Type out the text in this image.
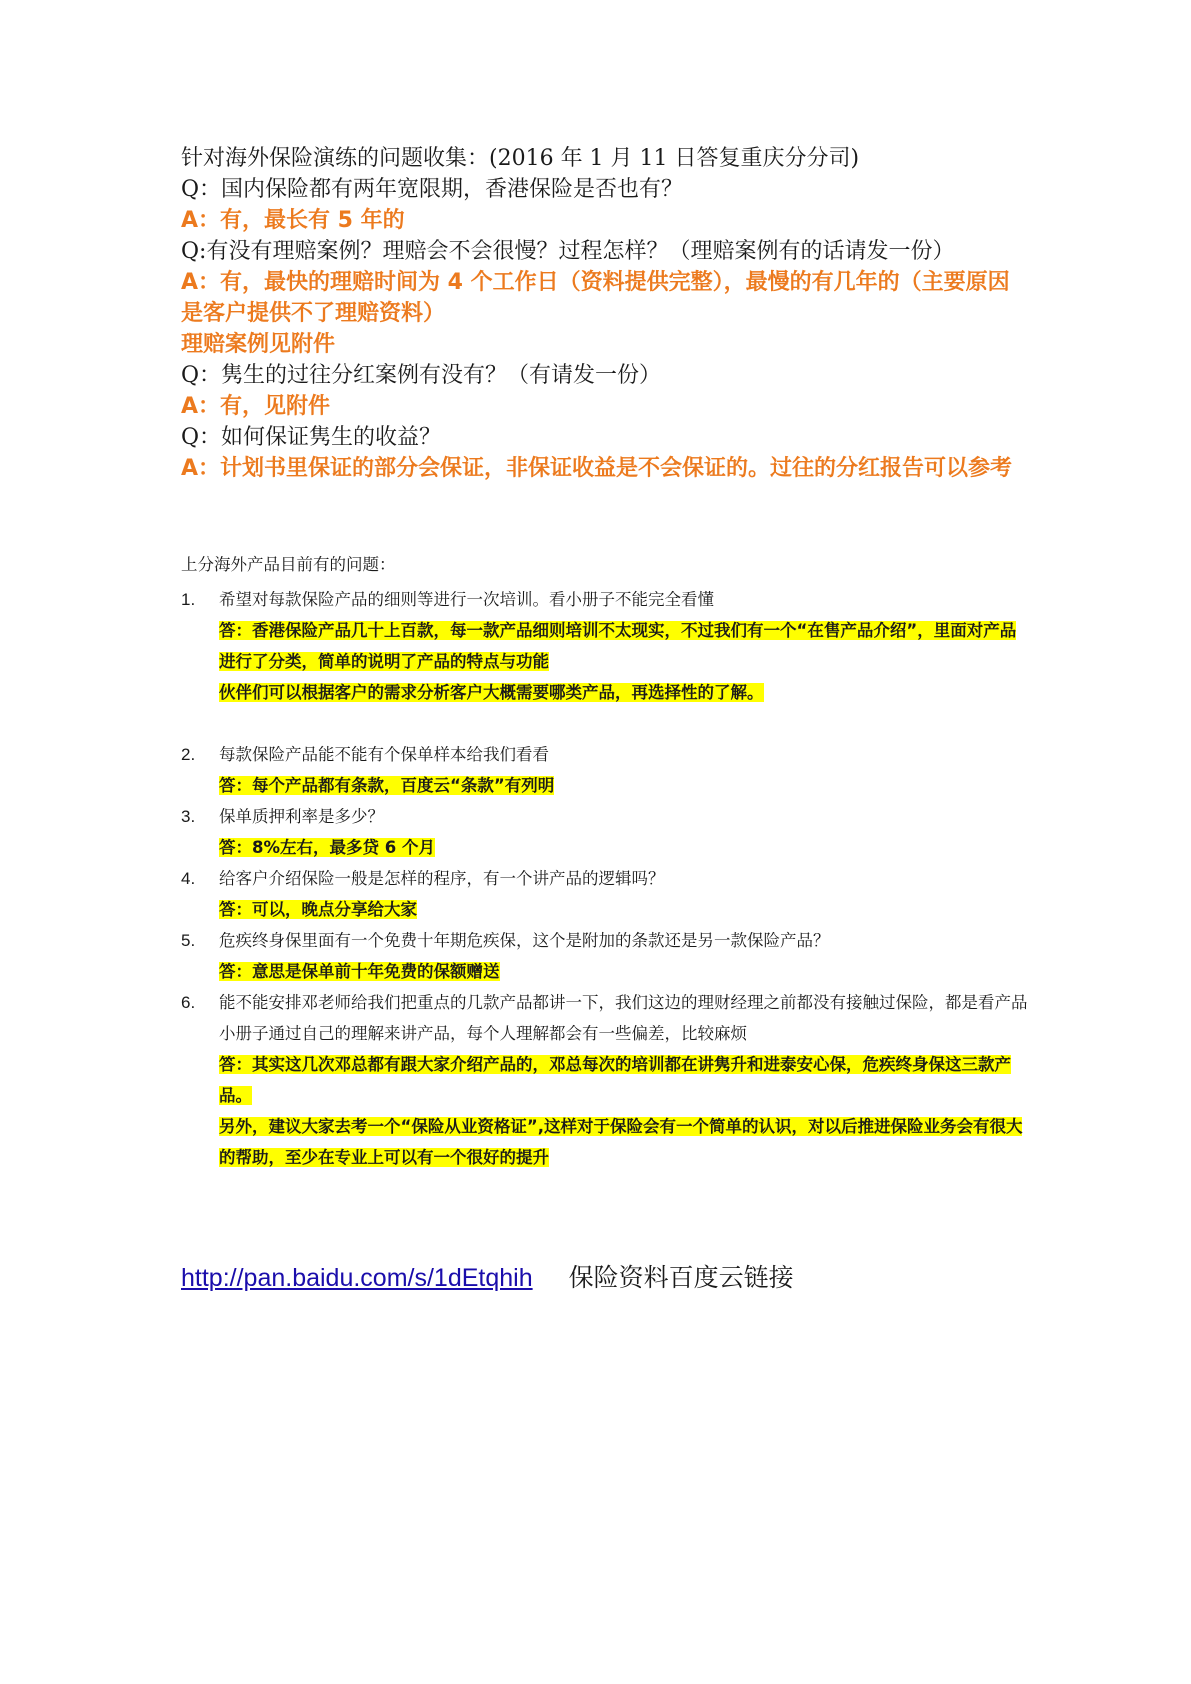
针对海外保险演练的问题收集：(2016 年 1 月 11 日答复重庆分分司)
Q：国内保险都有两年宽限期，香港保险是否也有？
A：有，最长有 5 年的
Q:有没有理赔案例？理赔会不会很慢？过程怎样？（理赔案例有的话请发一份）
A：有，最快的理赔时间为 4 个工作日（资料提供完整），最慢的有几年的（主要原因是客户提供不了理赔资料）
理赔案例见附件
Q：隽生的过往分红案例有没有？（有请发一份）
A：有，见附件
Q：如何保证隽生的收益？
A：计划书里保证的部分会保证，非保证收益是不会保证的。过往的分红报告可以参考
上分海外产品目前有的问题：
1. 希望对每款保险产品的细则等进行一次培训。看小册子不能完全看懂
答：香港保险产品几十上百款，每一款产品细则培训不太现实，不过我们有一个“在售产品介绍”，里面对产品进行了分类，简单的说明了产品的特点与功能
伙伴们可以根据客户的需求分析客户大概需要哪类产品，再选择性的了解。
2. 每款保险产品能不能有个保单样本给我们看看
答：每个产品都有条款，百度云“条款”有列明
3. 保单质押利率是多少？
答：8%左右，最多贷 6 个月
4. 给客户介绍保险一般是怎样的程序，有一个讲产品的逻辑吗？
答：可以，晚点分享给大家
5. 危疾终身保里面有一个免费十年期危疾保，这个是附加的条款还是另一款保险产品？
答：意思是保单前十年免费的保额赠送
6. 能不能安排邓老师给我们把重点的几款产品都讲一下，我们这边的理财经理之前都没有接触过保险，都是看产品小册子通过自己的理解来讲产品，每个人理解都会有一些偏差，比较麻烦
答：其实这几次邓总都有跟大家介绍产品的，邓总每次的培训都在讲隽升和进泰安心保，危疾终身保这三款产品。
另外，建议大家去考一个“保险从业资格证”,这样对于保险会有一个简单的认识，对以后推进保险业务会有很大的帮助，至少在专业上可以有一个很好的提升
http://pan.baidu.com/s/1dEtqhih 保险资料百度云链接
